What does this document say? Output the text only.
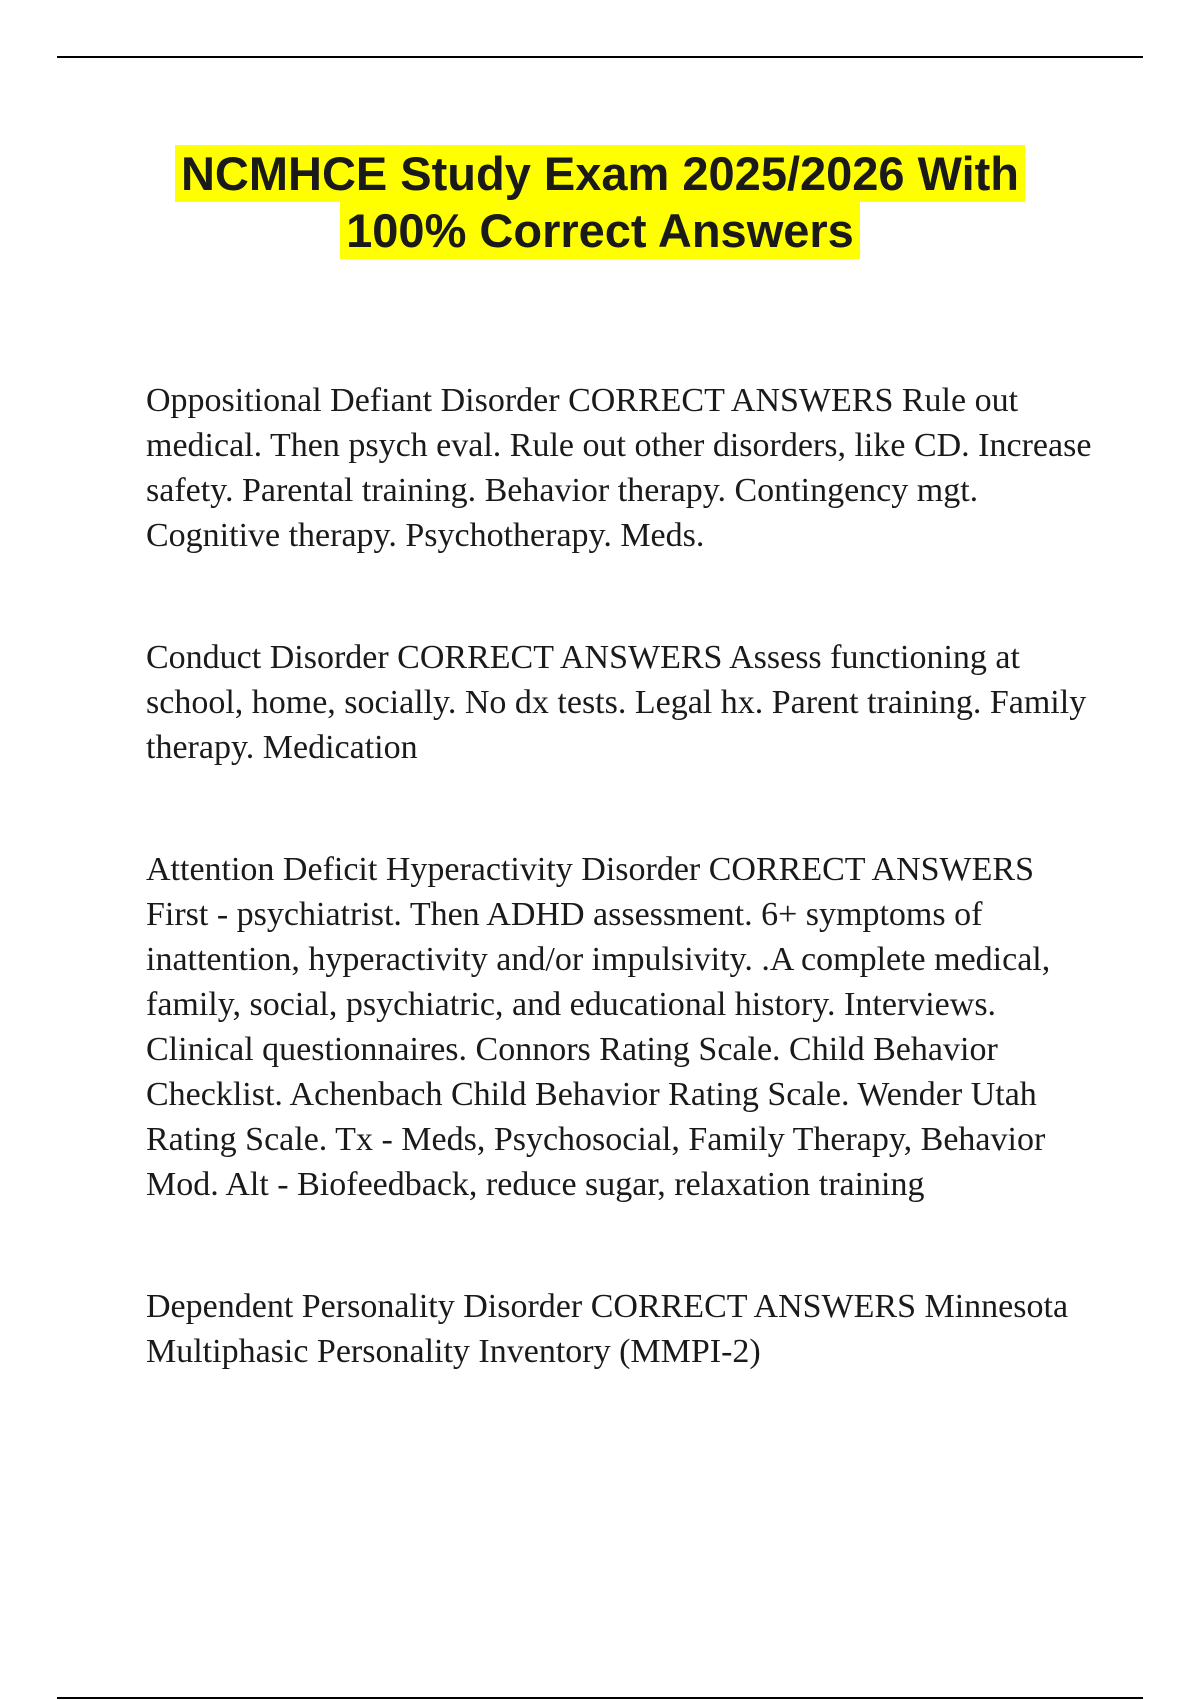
NCMHCE Study Exam 2025/2026 With
100% Correct Answers

Oppositional Defiant Disorder CORRECT ANSWERS Rule out medical. Then psych eval. Rule out other disorders, like CD. Increase safety. Parental training. Behavior therapy. Contingency mgt. Cognitive therapy. Psychotherapy. Meds.

Conduct Disorder CORRECT ANSWERS Assess functioning at school, home, socially. No dx tests. Legal hx. Parent training. Family therapy. Medication

Attention Deficit Hyperactivity Disorder CORRECT ANSWERS First - psychiatrist. Then ADHD assessment. 6+ symptoms of inattention, hyperactivity and/or impulsivity. .A complete medical, family, social, psychiatric, and educational history. Interviews. Clinical questionnaires. Connors Rating Scale. Child Behavior Checklist. Achenbach Child Behavior Rating Scale. Wender Utah Rating Scale. Tx - Meds, Psychosocial, Family Therapy, Behavior Mod. Alt - Biofeedback, reduce sugar, relaxation training

Dependent Personality Disorder CORRECT ANSWERS Minnesota Multiphasic Personality Inventory (MMPI-2)
